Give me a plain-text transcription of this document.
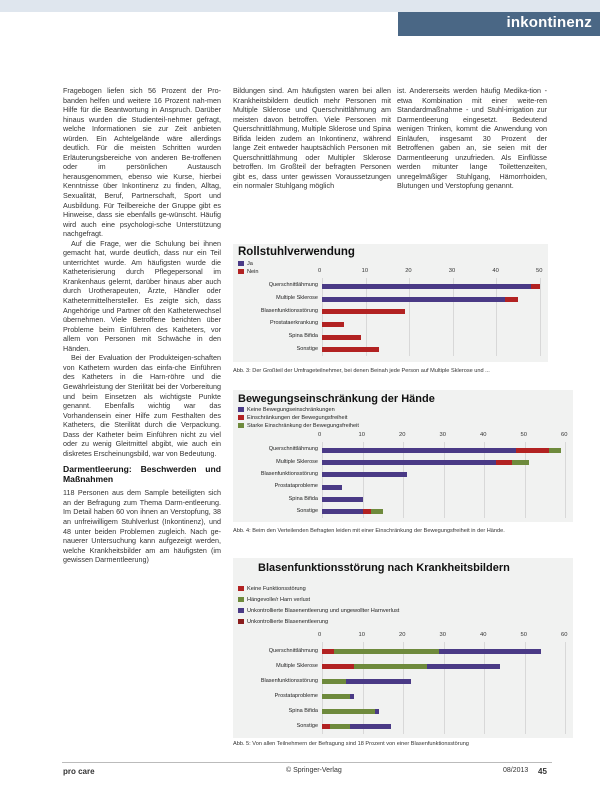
inkontinenz

Fragebogen liefen sich 56 Prozent der Pro-banden helfen und weitere 16 Prozent nah-men Hilfe für die Beantwortung in Anspruch. Darüber hinaus wurden die Studienteil-nehmer gefragt, welche Informationen sie zur Zeit anbieten würden. Ein Achtelgelände wäre allerdings deutlich. Für die meisten Schritten wurden Erläuterungsbereiche von anderen Be-troffenen oder im persönlichen Austausch herausgenommen, ebenso wie Kurse, hierbei Kenntnisse über Inkontinenz zu finden, Alltag, Sexualität, Beruf, Partnerschaft, Sport und Ausbildung. Für Teilbereiche der Gruppe gibt es Hinweise, dass sie ebenfalls ge-wünscht. Häufig wird auch eine psychologi-sche Unterstützung nachgefragt.

Auf die Frage, wer die Schulung bei ihnen gemacht hat, wurde deutlich, dass nur ein Teil unterrichtet wurde. Am häufigsten wurde die Katheterisierung durch Pflegepersonal im Krankenhaus gelernt, darüber hinaus aber auch durch Urotherapeuten, Ärzte, Händler oder Kathetermittelhersteller. Es zeigte sich, dass Angehörige und Partner oft den Katheterwechsel übernehmen. Viele Betroffene berichten über Probleme beim Einführen des Katheters, vor allem von Personen mit Schwäche in den Händen.

Bei der Evaluation der Produkteigen-schaften von Kathetern wurden das einfa-che Einführen des Katheters in die Harn-röhre und die Gewährleistung der Sterilität bei der Vorbereitung und beim Einsetzen als wichtigste Punkte genannt. Ebenfalls wichtig war das Vorhandensein einer Hilfe zum Festhalten des Katheters, die Sterilität durch die Verpackung. Dass der Katheter beim Einführen nicht zu viel oder zu wenig Gleitmittel abgibt, wie auch ein diskretes Erscheinungsbild, war von Bedeutung.

Darmentleerung: Beschwerden und Maßnahmen

118 Personen aus dem Sample beteiligten sich an der Befragung zum Thema Darm-entleerung. Im Detail haben 60 von ihnen an Verstopfung, 38 an unfreiwilligem Stuhlverlust (Inkontinenz), und 48 unter beiden Problemen zugleich. Nach ge-nauerer Untersuchung kann aufgezeigt werden, welche Krankheitsbilder am am häufigsten (im gewissen Darmentleerung)

Bildungen sind. Am häufigsten waren bei allen Krankheitsbildern deutlich mehr Personen mit Multiple Sklerose und Querschnittlähmung am meisten davon betroffen. Viele Personen mit Querschnittlähmung, Multiple Sklerose und Spina Bifida leiden zudem an Inkontinenz, während lange Zeit entweder hauptsächlich Personen mit Querschnittlähmung oder Multipler Sklerose betroffen. Im Großteil der befragten Personen gibt es, dass unter gewissen Voraussetzungen ein normaler Stuhlgang möglich

ist. Andererseits werden häufig Medika-tion - etwa Kombination mit einer weite-ren Standardmaßnahme - und Stuhl-irrigation zur Darmentleerung eingesetzt. Bedeutend wenigen Trinken, kommt die Anwendung von Einläufen, insgesamt 30 Prozent der Betroffenen gaben an, sie seien mit der Darmentleerung unzufrieden. Als Einflüsse werden mitunter lange Toilettenzeiten, unregelmäßiger Stuhlgang, Hämorrhoiden, Blutungen und Verstopfung genannt.

Rollstuhlverwendung
Ja
Nein	0	10	20	30	40	50
Querschnittlähmung
Multiple Sklerose
Blasenfunktionsstörung
Prostataerkrankung
Spina Bifida
Sonstige
Abb. 3: Der Großteil der Umfrageteilnehmer, bei denen Beinah jede Person auf Multiple Sklerose und ...
Bewegungseinschränkung der Hände
Keine Bewegungseinschränkungen
Einschränkungen der Bewegungsfreiheit
Starke Einschränkung der Bewegungsfreiheit
0	10	20	30	40	50	60
Querschnittlähmung
Multiple Sklerose
Blasenfunktionsstörung
Prostataprobleme
Spina Bifida
Sonstige
Abb. 4: Beim den Verteilenden Befragten leiden mit einer Einschränkung der Bewegungsfreiheit in der Hände.
Blasenfunktionsstörung nach Krankheitsbildern
Keine Funktionsstörung
Hängevolle/r Harn verlust
Unkontrollierte Blasenentleerung und ungewollter Harnverlust
Unkontrollierte Blasenentleerung
0	10	20	30	40	50	60
Querschnittlähmung
Multiple Sklerose
Blasenfunktionsstörung
Prostataprobleme
Spina Bifida
Sonstige
Abb. 5: Von allen Teilnehmern der Befragung sind 18 Prozent von einer Blasenfunktionsstörung
pro care	© Springer-Verlag	08/2013 45
